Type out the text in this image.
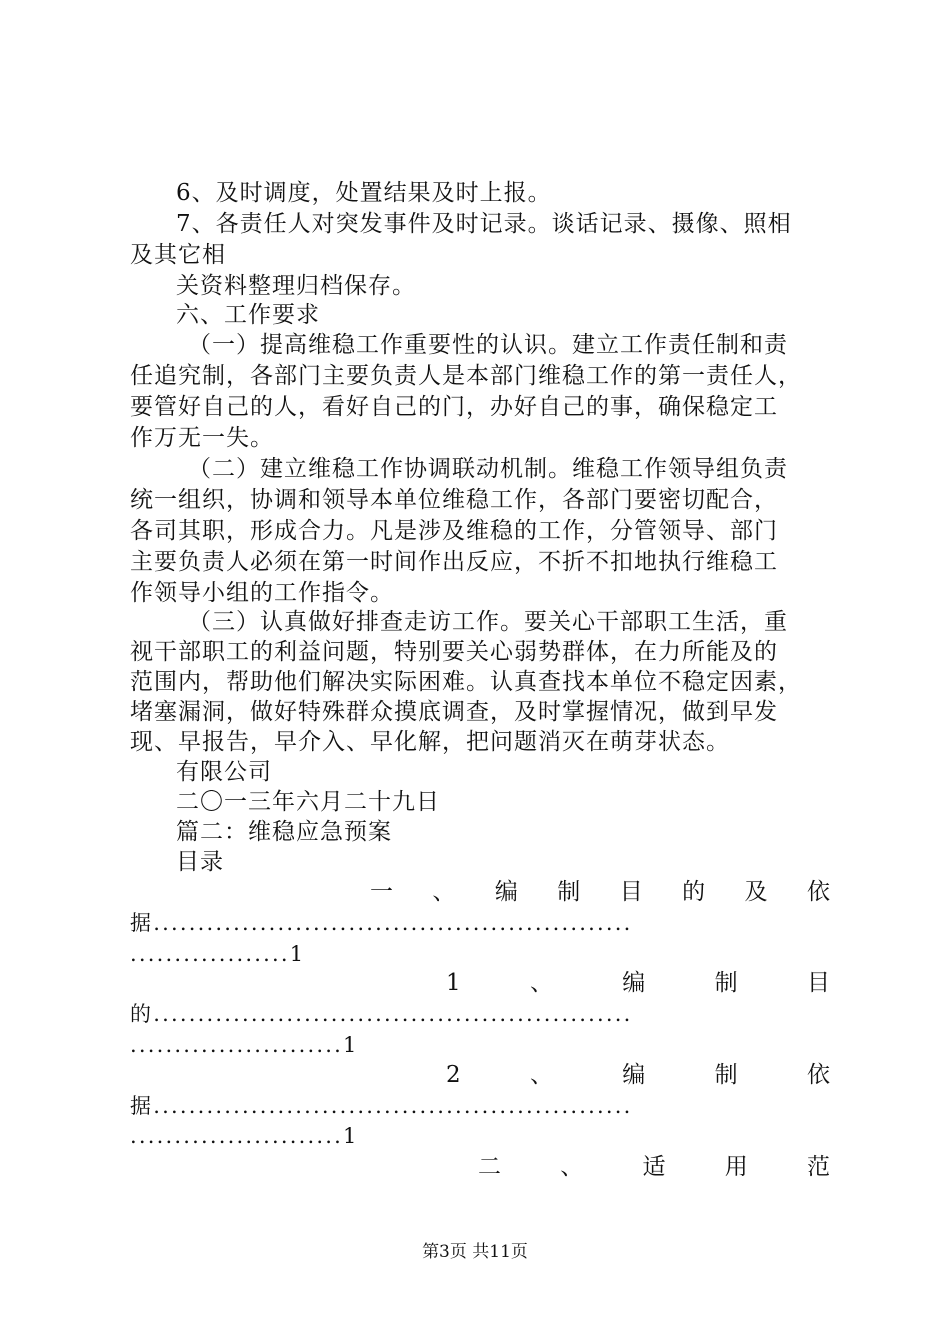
6、及时调度，处置结果及时上报。
7、各责任人对突发事件及时记录。谈话记录、摄像、照相
及其它相
关资料整理归档保存。
六、工作要求
（一）提高维稳工作重要性的认识。建立工作责任制和责
任追究制，各部门主要负责人是本部门维稳工作的第一责任人，
要管好自己的人，看好自己的门，办好自己的事，确保稳定工
作万无一失。
（二）建立维稳工作协调联动机制。维稳工作领导组负责
统一组织，协调和领导本单位维稳工作，各部门要密切配合，
各司其职，形成合力。凡是涉及维稳的工作，分管领导、部门
主要负责人必须在第一时间作出反应，不折不扣地执行维稳工
作领导小组的工作指令。
（三）认真做好排查走访工作。要关心干部职工生活，重
视干部职工的利益问题，特别要关心弱势群体，在力所能及的
范围内，帮助他们解决实际困难。认真查找本单位不稳定因素，
堵塞漏洞，做好特殊群众摸底调查，及时掌握情况，做到早发
现、早报告，早介入、早化解，把问题消灭在萌芽状态。
有限公司
二〇一三年六月二十九日
篇二：维稳应急预案
目录
一 、 编 制 目 的 及 依
据......................................................
..................1
1	、	编	制	目
的......................................................
........................1
2	、	编	制	依
据......................................................
........................1
二	、	适	用	范
第3页 共11页
